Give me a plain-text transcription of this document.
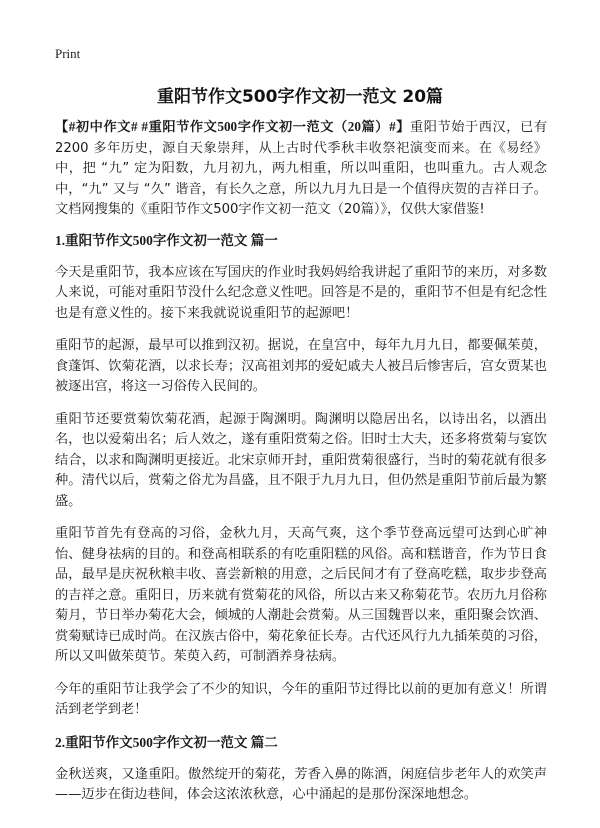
Print
重阳节作文500字作文初一范文 20篇

【#初中作文# #重阳节作文500字作文初一范文（20篇）#】重阳节始于西汉，已有2200 多年历史，源自天象崇拜，从上古时代季秋丰收祭祀演变而来。在《易经》中，把 “九” 定为阳数，九月初九，两九相重，所以叫重阳，也叫重九。古人观念中，“九” 又与 “久” 谐音，有长久之意，所以九月九日是一个值得庆贺的吉祥日子。文档网搜集的《重阳节作文500字作文初一范文（20篇）》，仅供大家借鉴!

1.重阳节作文500字作文初一范文 篇一

今天是重阳节，我本应该在写国庆的作业时我妈妈给我讲起了重阳节的来历，对多数人来说，可能对重阳节没什么纪念意义性吧。回答是不是的，重阳节不但是有纪念性也是有意义性的。接下来我就说说重阳节的起源吧！

重阳节的起源，最早可以推到汉初。据说，在皇宫中，每年九月九日，都要佩茱萸，食蓬饵、饮菊花酒，以求长寿；汉高祖刘邦的爱妃戚夫人被吕后惨害后，宫女贾某也被逐出宫，将这一习俗传入民间的。

重阳节还要赏菊饮菊花酒，起源于陶渊明。陶渊明以隐居出名，以诗出名，以酒出名，也以爱菊出名；后人效之，遂有重阳赏菊之俗。旧时士大夫，还多将赏菊与宴饮结合，以求和陶渊明更接近。北宋京师开封，重阳赏菊很盛行，当时的菊花就有很多种。清代以后，赏菊之俗尤为昌盛，且不限于九月九日，但仍然是重阳节前后最为繁盛。

重阳节首先有登高的习俗，金秋九月，天高气爽，这个季节登高远望可达到心旷神怡、健身祛病的目的。和登高相联系的有吃重阳糕的风俗。高和糕谐音，作为节日食品，最早是庆祝秋粮丰收、喜尝新粮的用意，之后民间才有了登高吃糕，取步步登高的吉祥之意。重阳日，历来就有赏菊花的风俗，所以古来又称菊花节。农历九月俗称菊月，节日举办菊花大会，倾城的人潮赴会赏菊。从三国魏晋以来，重阳聚会饮酒、赏菊赋诗已成时尚。在汉族古俗中，菊花象征长寿。古代还风行九九插茱萸的习俗，所以又叫做茱萸节。茱萸入药，可制酒养身祛病。

今年的重阳节让我学会了不少的知识，今年的重阳节过得比以前的更加有意义！所谓活到老学到老！

2.重阳节作文500字作文初一范文 篇二

金秋送爽，又逢重阳。傲然绽开的菊花，芳香入鼻的陈酒，闲庭信步老年人的欢笑声——迈步在街边巷间，体会这浓浓秋意，心中涌起的是那份深深地想念。
